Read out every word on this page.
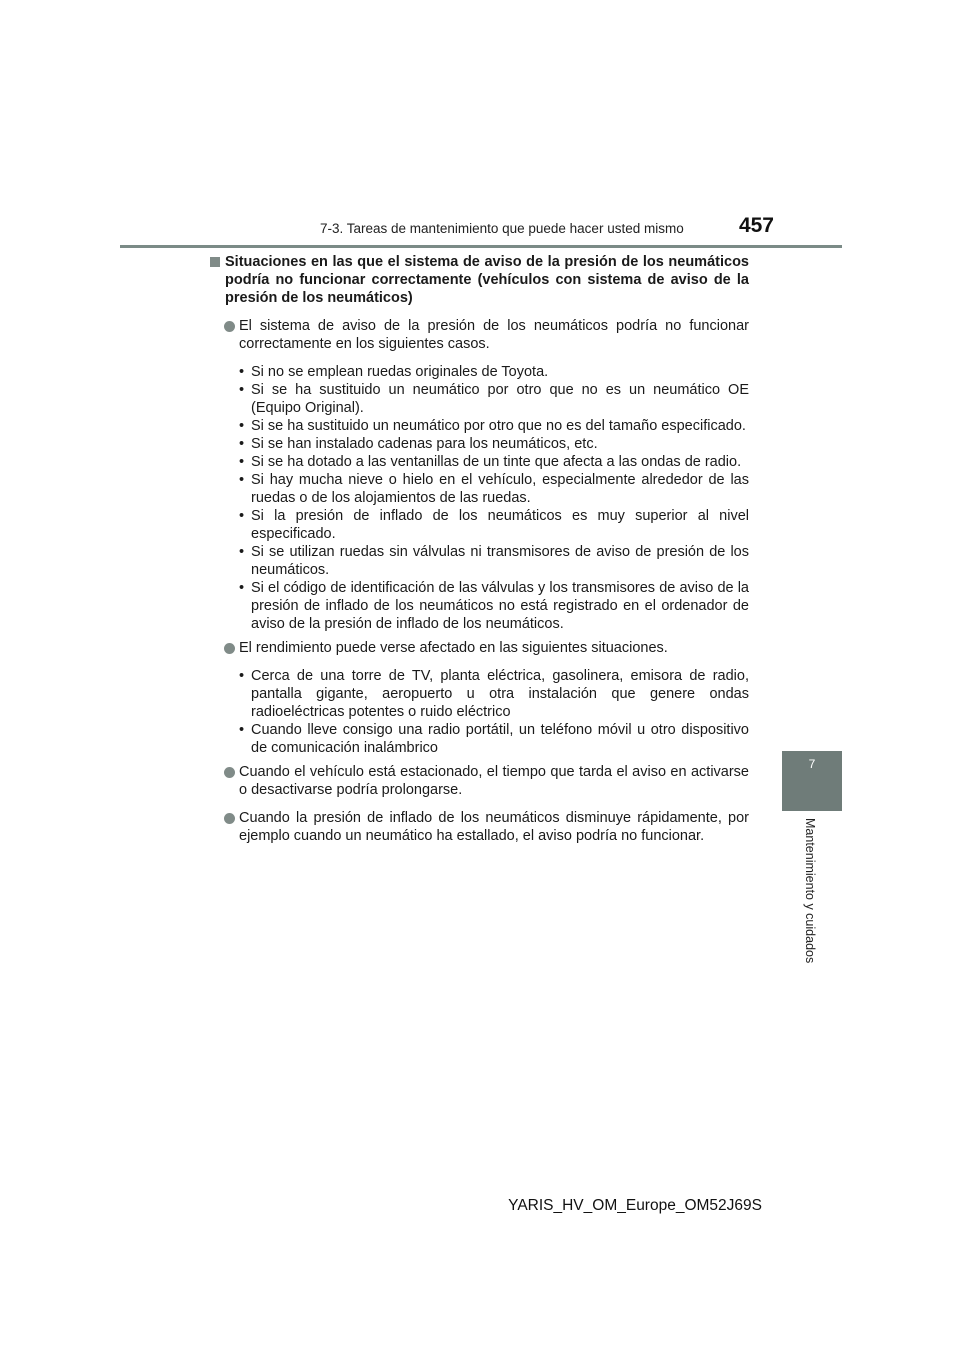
7-3. Tareas de mantenimiento que puede hacer usted mismo	457
7
Mantenimiento y cuidados
Situaciones en las que el sistema de aviso de la presión de los neumáticos podría no funcionar correctamente (vehículos con sistema de aviso de la presión de los neumáticos)
El sistema de aviso de la presión de los neumáticos podría no funcionar correctamente en los siguientes casos.
• Si no se emplean ruedas originales de Toyota.
• Si se ha sustituido un neumático por otro que no es un neumático OE (Equipo Original).
• Si se ha sustituido un neumático por otro que no es del tamaño especificado.
• Si se han instalado cadenas para los neumáticos, etc.
• Si se ha dotado a las ventanillas de un tinte que afecta a las ondas de radio.
• Si hay mucha nieve o hielo en el vehículo, especialmente alrededor de las ruedas o de los alojamientos de las ruedas.
• Si la presión de inflado de los neumáticos es muy superior al nivel especificado.
• Si se utilizan ruedas sin válvulas ni transmisores de aviso de presión de los neumáticos.
• Si el código de identificación de las válvulas y los transmisores de aviso de la presión de inflado de los neumáticos no está registrado en el ordenador de aviso de la presión de inflado de los neumáticos.
El rendimiento puede verse afectado en las siguientes situaciones.
• Cerca de una torre de TV, planta eléctrica, gasolinera, emisora de radio, pantalla gigante, aeropuerto u otra instalación que genere ondas radioeléctricas potentes o ruido eléctrico
• Cuando lleve consigo una radio portátil, un teléfono móvil u otro dispositivo de comunicación inalámbrico
Cuando el vehículo está estacionado, el tiempo que tarda el aviso en activarse o desactivarse podría prolongarse.
Cuando la presión de inflado de los neumáticos disminuye rápidamente, por ejemplo cuando un neumático ha estallado, el aviso podría no funcionar.
YARIS_HV_OM_Europe_OM52J69S
